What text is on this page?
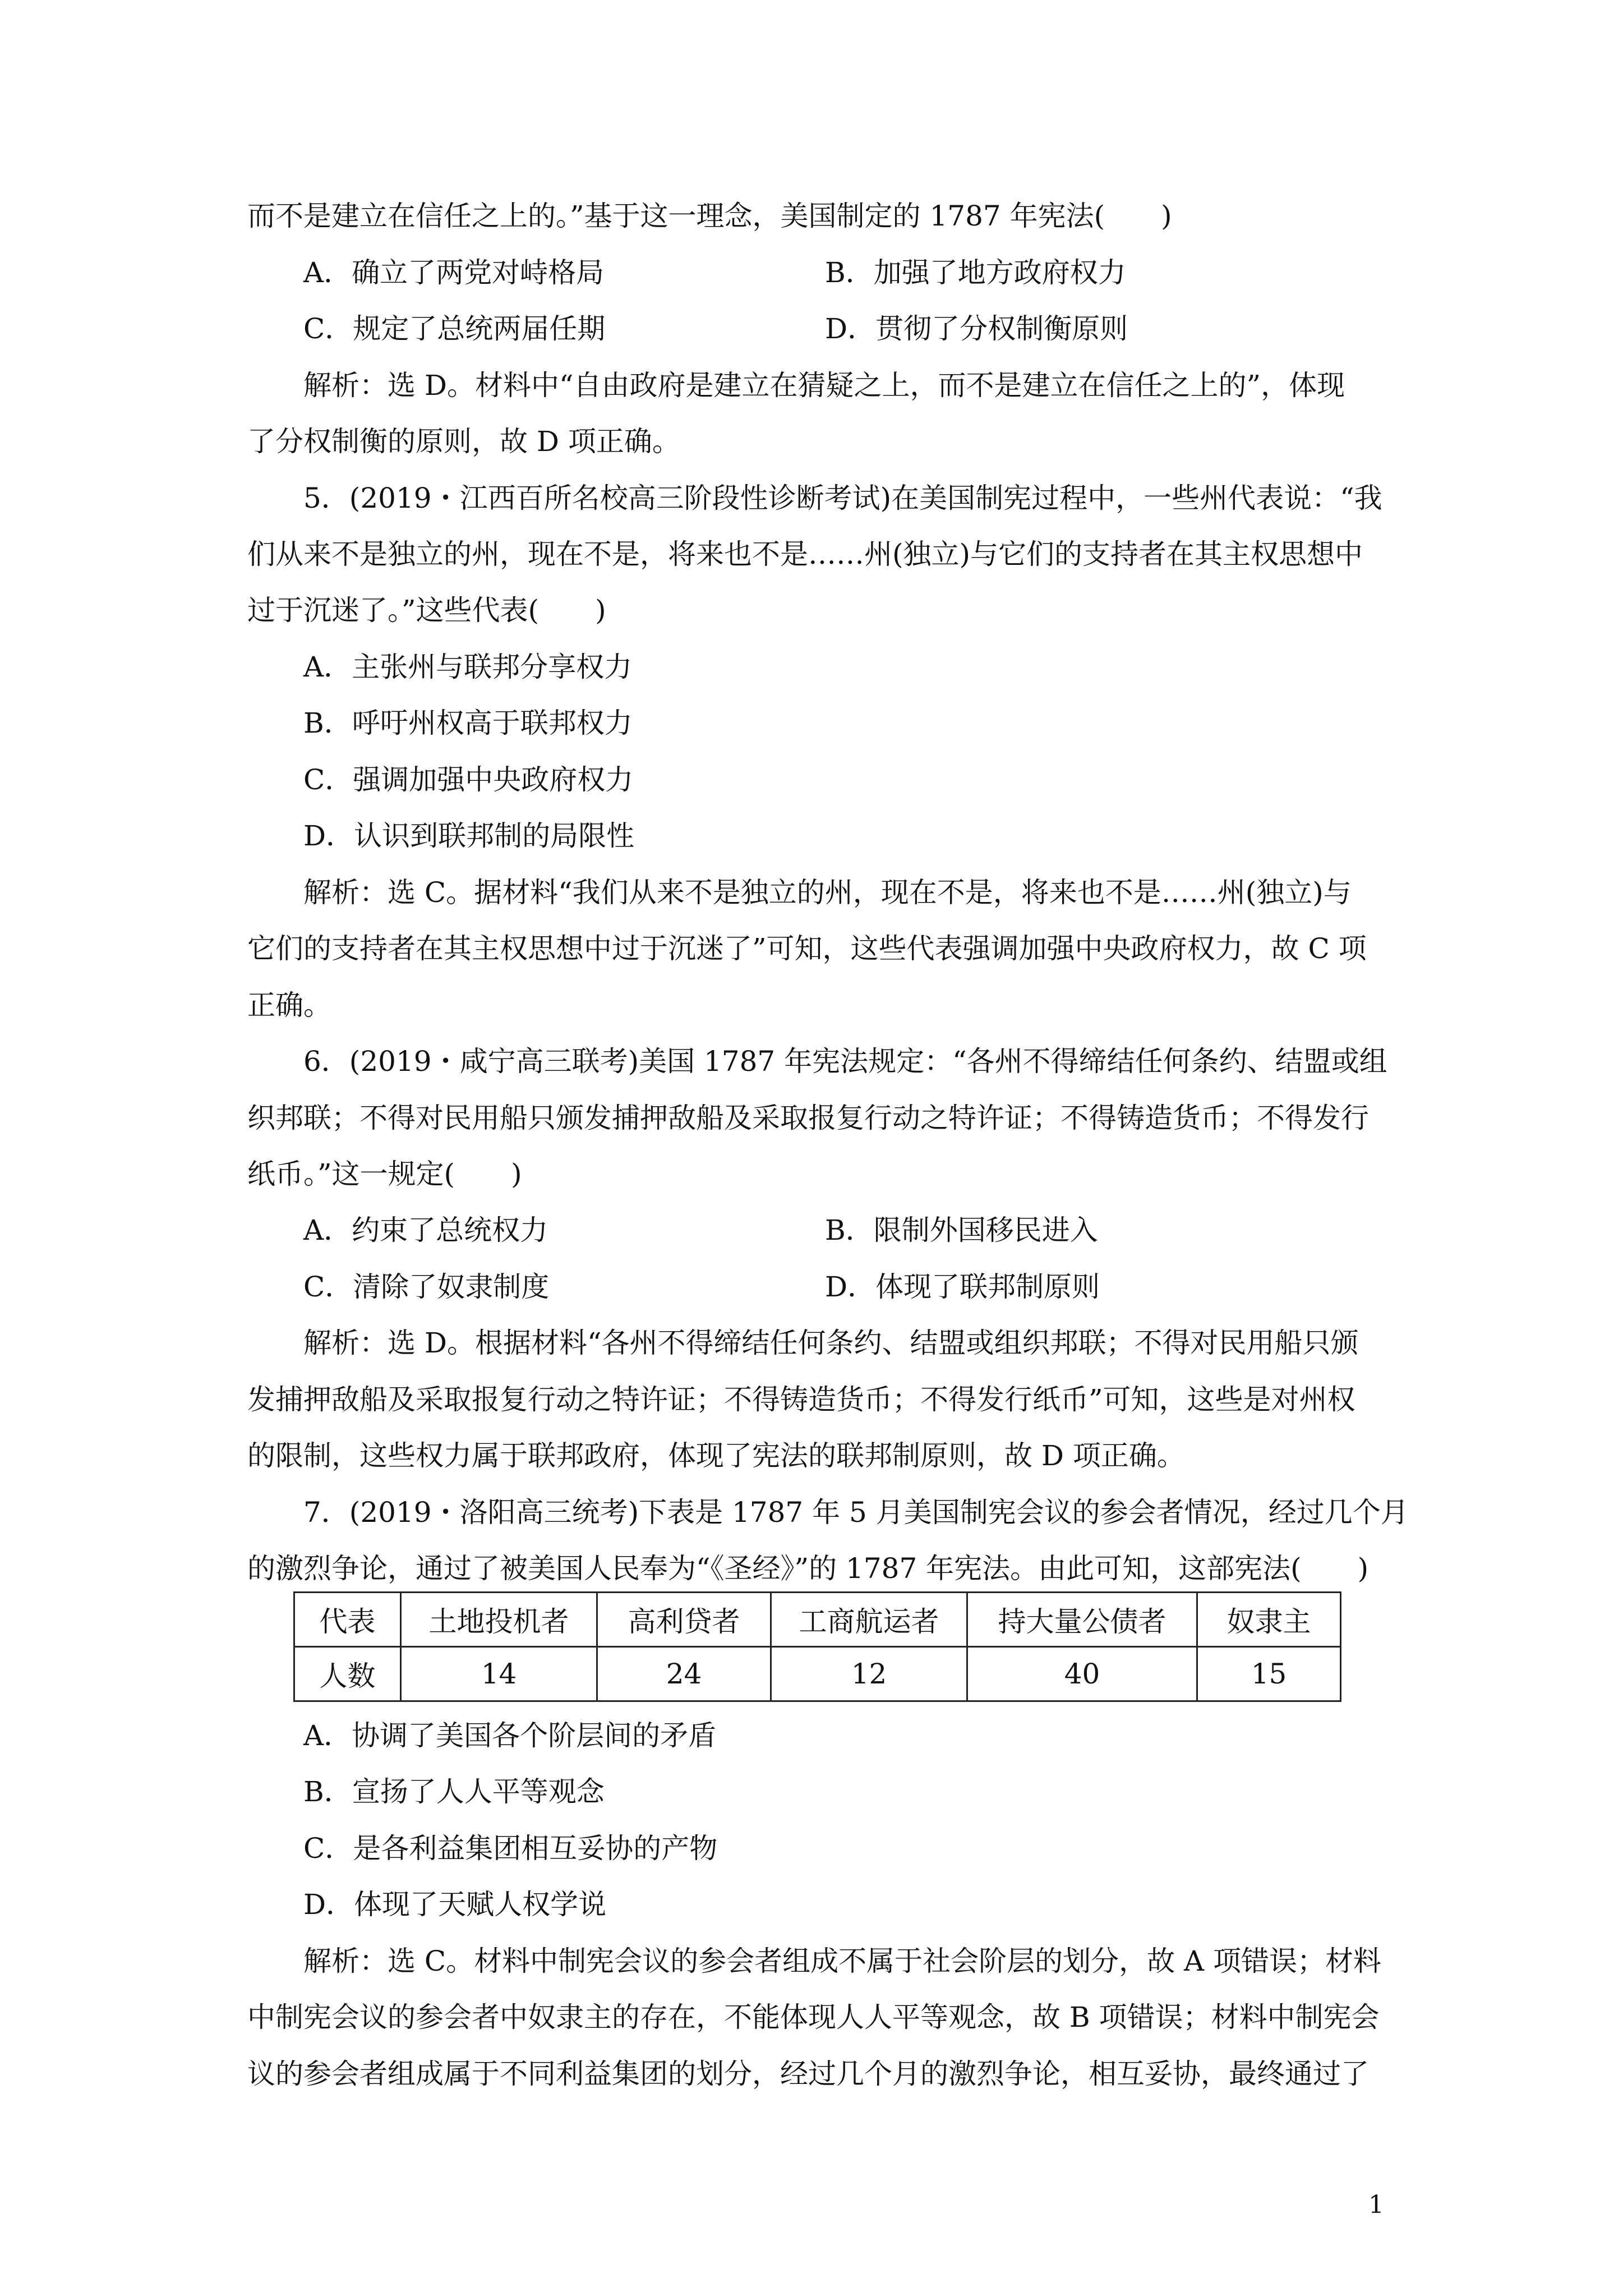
而不是建立在信任之上的。”基于这一理念，美国制定的 1787 年宪法(　　)
A．确立了两党对峙格局	B．加强了地方政府权力
C．规定了总统两届任期	D．贯彻了分权制衡原则
解析：选 D。材料中“自由政府是建立在猜疑之上，而不是建立在信任之上的”，体现
了分权制衡的原则，故 D 项正确。
5．(2019・江西百所名校高三阶段性诊断考试)在美国制宪过程中，一些州代表说：“我
们从来不是独立的州，现在不是，将来也不是……州(独立)与它们的支持者在其主权思想中
过于沉迷了。”这些代表(　　)
A．主张州与联邦分享权力
B．呼吁州权高于联邦权力
C．强调加强中央政府权力
D．认识到联邦制的局限性
解析：选 C。据材料“我们从来不是独立的州，现在不是，将来也不是……州(独立)与
它们的支持者在其主权思想中过于沉迷了”可知，这些代表强调加强中央政府权力，故 C 项
正确。
6．(2019・咸宁高三联考)美国 1787 年宪法规定：“各州不得缔结任何条约、结盟或组
织邦联；不得对民用船只颁发捕押敌船及采取报复行动之特许证；不得铸造货币；不得发行
纸币。”这一规定(　　)
A．约束了总统权力	B．限制外国移民进入
C．清除了奴隶制度	D．体现了联邦制原则
解析：选 D。根据材料“各州不得缔结任何条约、结盟或组织邦联；不得对民用船只颁
发捕押敌船及采取报复行动之特许证；不得铸造货币；不得发行纸币”可知，这些是对州权
的限制，这些权力属于联邦政府，体现了宪法的联邦制原则，故 D 项正确。
7．(2019・洛阳高三统考)下表是 1787 年 5 月美国制宪会议的参会者情况，经过几个月
的激烈争论，通过了被美国人民奉为“《圣经》”的 1787 年宪法。由此可知，这部宪法(　　)
代表	土地投机者	高利贷者	工商航运者	持大量公债者	奴隶主
人数	14	24	12	40	15
A．协调了美国各个阶层间的矛盾
B．宣扬了人人平等观念
C．是各利益集团相互妥协的产物
D．体现了天赋人权学说
解析：选 C。材料中制宪会议的参会者组成不属于社会阶层的划分，故 A 项错误；材料
中制宪会议的参会者中奴隶主的存在，不能体现人人平等观念，故 B 项错误；材料中制宪会
议的参会者组成属于不同利益集团的划分，经过几个月的激烈争论，相互妥协，最终通过了
1
